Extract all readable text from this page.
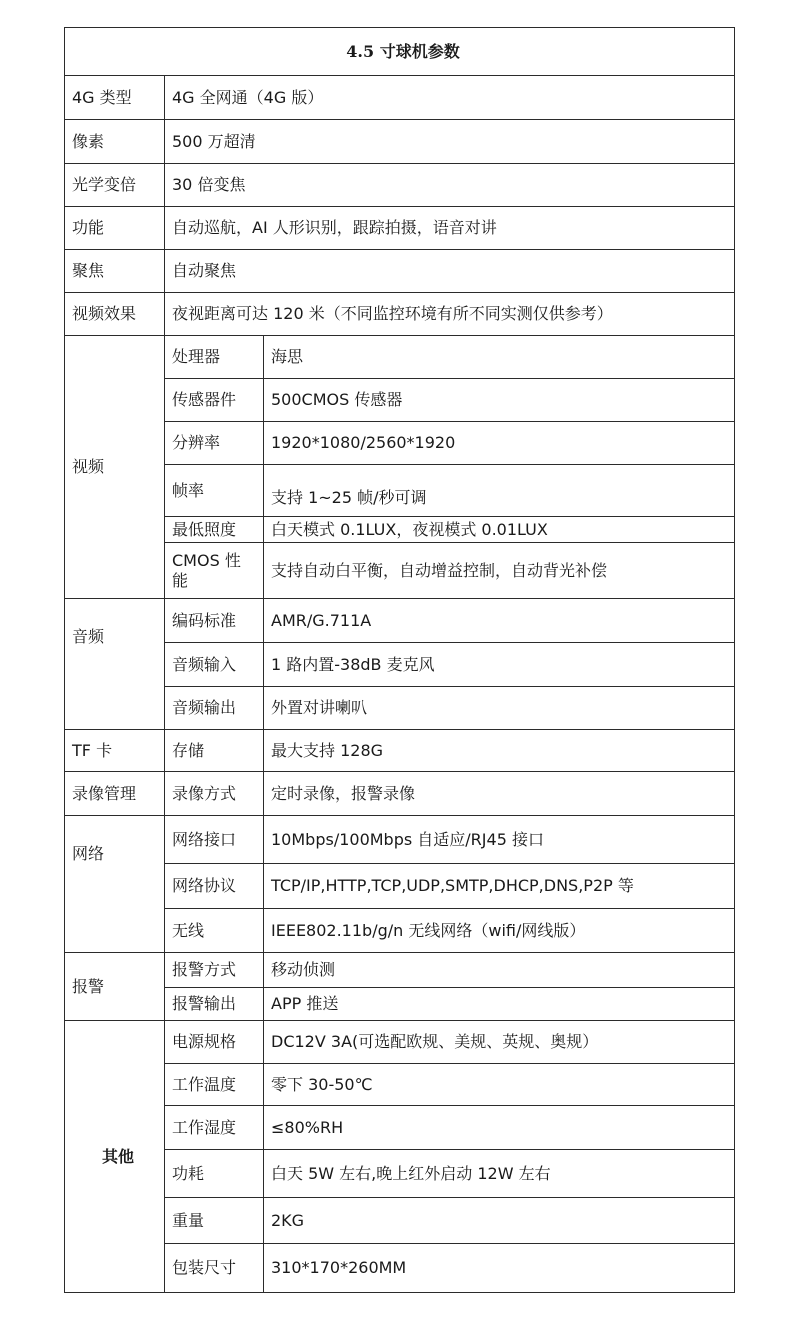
4.5 寸球机参数		
4G 类型	4G 全网通（4G 版）	
像素	500 万超清	
光学变倍	30 倍变焦	
功能	自动巡航，AI 人形识别，跟踪拍摄，语音对讲	
聚焦	自动聚焦	
视频效果	夜视距离可达 120 米（不同监控环境有所不同实测仅供参考）	
视频	处理器	海思
	传感器件	500CMOS 传感器
	分辨率	1920*1080/2560*1920
	帧率	支持 1~25 帧/秒可调
	最低照度	白天模式 0.1LUX，夜视模式 0.01LUX
	CMOS 性能	支持自动白平衡，自动增益控制，自动背光补偿
音频	编码标准	AMR/G.711A
	音频输入	1 路内置-38dB 麦克风
	音频输出	外置对讲喇叭
TF 卡	存储	最大支持 128G
录像管理	录像方式	定时录像，报警录像
网络	网络接口	10Mbps/100Mbps 自适应/RJ45 接口
	网络协议	TCP/IP,HTTP,TCP,UDP,SMTP,DHCP,DNS,P2P 等
	无线	IEEE802.11b/g/n 无线网络（wifi/网线版）
报警	报警方式	移动侦测
	报警输出	APP 推送
其他	电源规格	DC12V 3A(可选配欧规、美规、英规、奥规）
	工作温度	零下 30-50℃
	工作湿度	≤80%RH
	功耗	白天 5W 左右,晚上红外启动 12W 左右
	重量	2KG
	包装尺寸	310*170*260MM
